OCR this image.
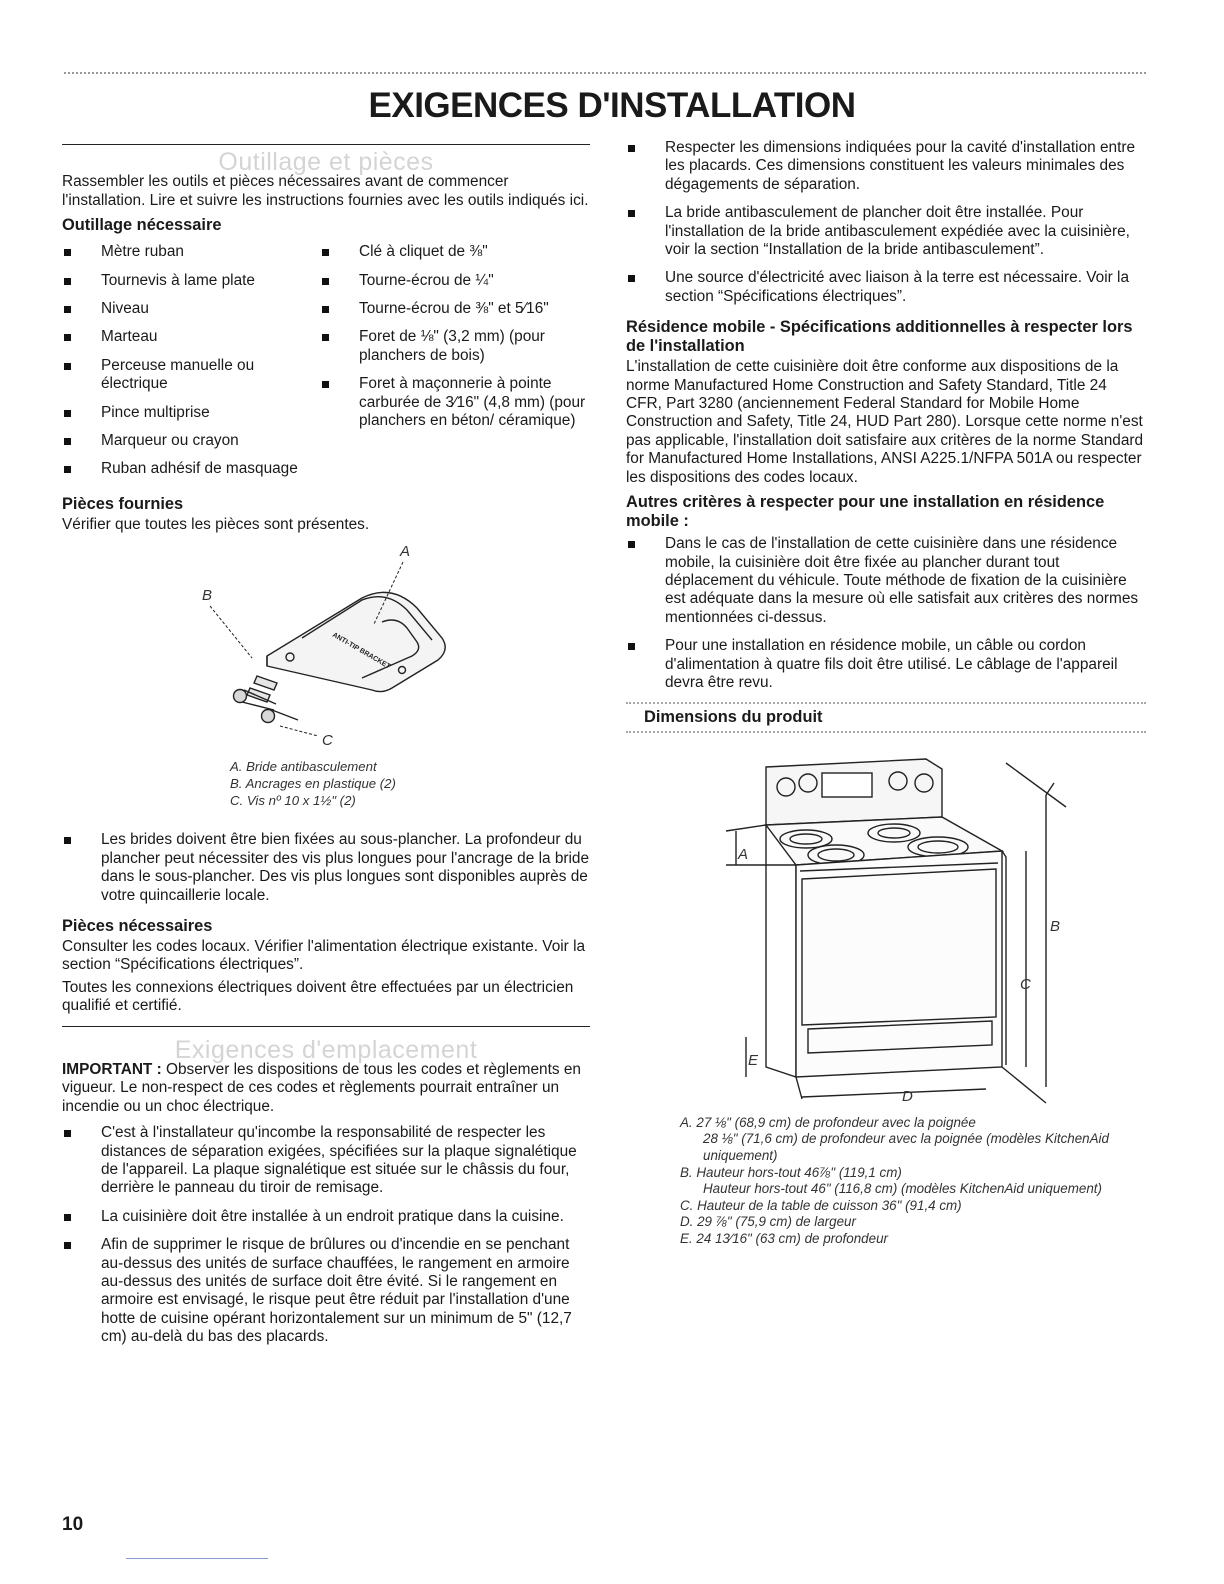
EXIGENCES D'INSTALLATION
Outillage et pièces

Rassembler les outils et pièces nécessaires avant de commencer l'installation. Lire et suivre les instructions fournies avec les outils indiqués ici.

Outillage nécessaire
Mètre ruban
Tournevis à lame plate
Niveau
Marteau
Perceuse manuelle ou électrique
Pince multiprise
Marqueur ou crayon
Ruban adhésif de masquage
Clé à cliquet de ⅜"
Tourne-écrou de ¼"
Tourne-écrou de ⅜" et 5⁄16"
Foret de ⅛" (3,2 mm) (pour planchers de bois)
Foret à maçonnerie à pointe carburée de 3⁄16" (4,8 mm) (pour planchers en béton/ céramique)
Pièces fournies

Vérifier que toutes les pièces sont présentes.

ANTI-TIP BRACKET
A
B
C
A. Bride antibasculement
B. Ancrages en plastique (2)
C. Vis nº 10 x 1½" (2)
Les brides doivent être bien fixées au sous-plancher. La profondeur du plancher peut nécessiter des vis plus longues pour l'ancrage de la bride dans le sous-plancher. Des vis plus longues sont disponibles auprès de votre quincaillerie locale.
Pièces nécessaires

Consulter les codes locaux. Vérifier l'alimentation électrique existante. Voir la section “Spécifications électriques”.

Toutes les connexions électriques doivent être effectuées par un électricien qualifié et certifié.

Exigences d'emplacement

IMPORTANT : Observer les dispositions de tous les codes et règlements en vigueur. Le non-respect de ces codes et règlements pourrait entraîner un incendie ou un choc électrique.

C'est à l'installateur qu'incombe la responsabilité de respecter les distances de séparation exigées, spécifiées sur la plaque signalétique de l'appareil. La plaque signalétique est située sur le châssis du four, derrière le panneau du tiroir de remisage.
La cuisinière doit être installée à un endroit pratique dans la cuisine.
Afin de supprimer le risque de brûlures ou d'incendie en se penchant au-dessus des unités de surface chauffées, le rangement en armoire au-dessus des unités de surface doit être évité. Si le rangement en armoire est envisagé, le risque peut être réduit par l'installation d'une hotte de cuisine opérant horizontalement sur un minimum de 5" (12,7 cm) au-delà du bas des placards.
Respecter les dimensions indiquées pour la cavité d'installation entre les placards. Ces dimensions constituent les valeurs minimales des dégagements de séparation.
La bride antibasculement de plancher doit être installée. Pour l'installation de la bride antibasculement expédiée avec la cuisinière, voir la section “Installation de la bride antibasculement”.
Une source d'électricité avec liaison à la terre est nécessaire. Voir la section “Spécifications électriques”.
Résidence mobile - Spécifications additionnelles à respecter lors de l'installation

L'installation de cette cuisinière doit être conforme aux dispositions de la norme Manufactured Home Construction and Safety Standard, Title 24 CFR, Part 3280 (anciennement Federal Standard for Mobile Home Construction and Safety, Title 24, HUD Part 280). Lorsque cette norme n'est pas applicable, l'installation doit satisfaire aux critères de la norme Standard for Manufactured Home Installations, ANSI A225.1/NFPA 501A ou respecter les dispositions des codes locaux.

Autres critères à respecter pour une installation en résidence mobile :
Dans le cas de l'installation de cette cuisinière dans une résidence mobile, la cuisinière doit être fixée au plancher durant tout déplacement du véhicule. Toute méthode de fixation de la cuisinière est adéquate dans la mesure où elle satisfait aux critères des normes mentionnées ci-dessus.
Pour une installation en résidence mobile, un câble ou cordon d'alimentation à quatre fils doit être utilisé. Le câblage de l'appareil devra être revu.
Dimensions du produit
A
B
C
D
E
A. 27 ⅛" (68,9 cm) de profondeur avec la poignée
28 ⅛" (71,6 cm) de profondeur avec la poignée (modèles KitchenAid uniquement)
B. Hauteur hors-tout 46⅞" (119,1 cm)
Hauteur hors-tout 46" (116,8 cm) (modèles KitchenAid uniquement)
C. Hauteur de la table de cuisson 36" (91,4 cm)
D. 29 ⅞" (75,9 cm) de largeur
E. 24 13⁄16" (63 cm) de profondeur
10
